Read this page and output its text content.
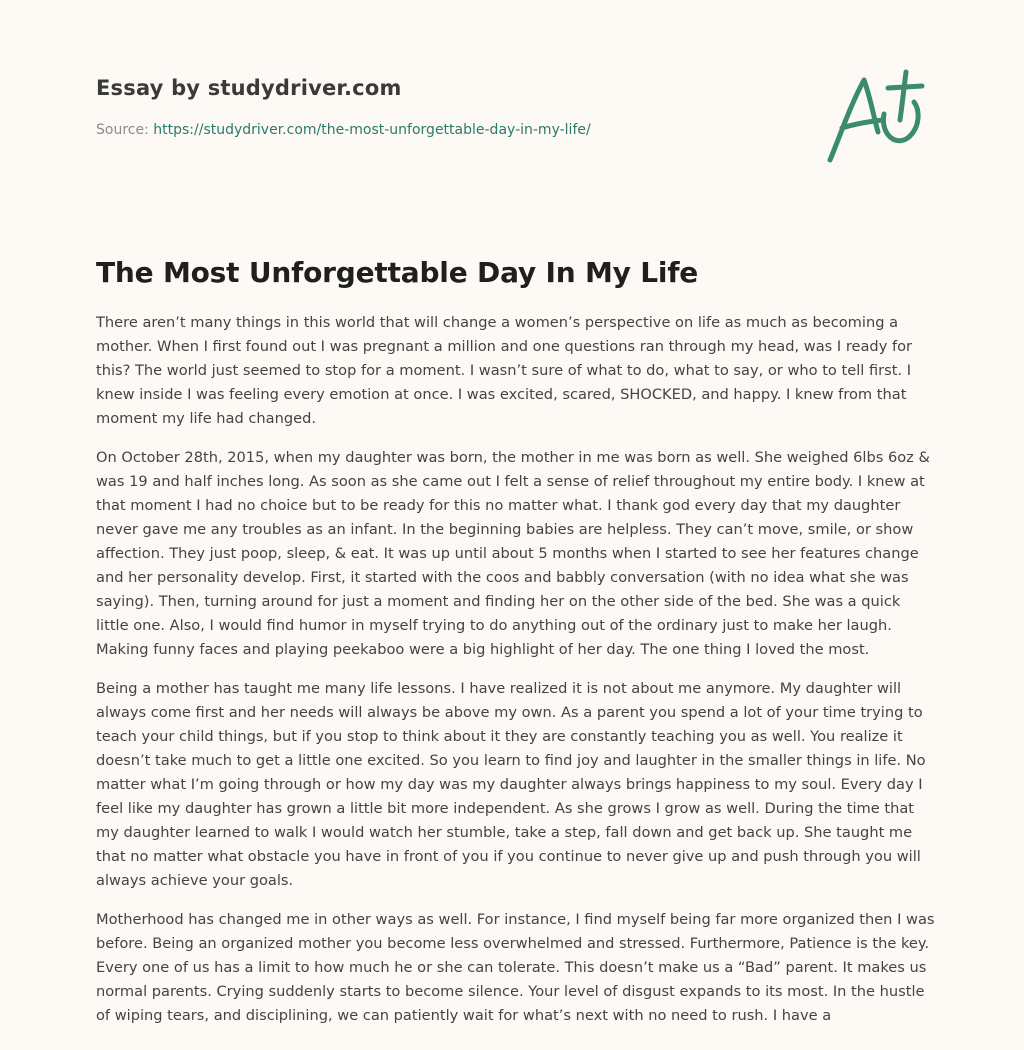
Essay by studydriver.com
Source: https://studydriver.com/the-most-unforgettable-day-in-my-life/
The Most Unforgettable Day In My Life

There aren’t many things in this world that will change a women’s perspective on life as much as becoming a mother. When I first found out I was pregnant a million and one questions ran through my head, was I ready for this? The world just seemed to stop for a moment. I wasn’t sure of what to do, what to say, or who to tell first. I knew inside I was feeling every emotion at once. I was excited, scared, SHOCKED, and happy. I knew from that moment my life had changed.

On October 28th, 2015, when my daughter was born, the mother in me was born as well. She weighed 6lbs 6oz & was 19 and half inches long. As soon as she came out I felt a sense of relief throughout my entire body. I knew at that moment I had no choice but to be ready for this no matter what. I thank god every day that my daughter never gave me any troubles as an infant. In the beginning babies are helpless. They can’t move, smile, or show affection. They just poop, sleep, & eat. It was up until about 5 months when I started to see her features change and her personality develop. First, it started with the coos and babbly conversation (with no idea what she was saying). Then, turning around for just a moment and finding her on the other side of the bed. She was a quick little one. Also, I would find humor in myself trying to do anything out of the ordinary just to make her laugh. Making funny faces and playing peekaboo were a big highlight of her day. The one thing I loved the most.

Being a mother has taught me many life lessons. I have realized it is not about me anymore. My daughter will always come first and her needs will always be above my own. As a parent you spend a lot of your time trying to teach your child things, but if you stop to think about it they are constantly teaching you as well. You realize it doesn’t take much to get a little one excited. So you learn to find joy and laughter in the smaller things in life. No matter what I’m going through or how my day was my daughter always brings happiness to my soul. Every day I feel like my daughter has grown a little bit more independent. As she grows I grow as well. During the time that my daughter learned to walk I would watch her stumble, take a step, fall down and get back up. She taught me that no matter what obstacle you have in front of you if you continue to never give up and push through you will always achieve your goals.

Motherhood has changed me in other ways as well. For instance, I find myself being far more organized then I was before. Being an organized mother you become less overwhelmed and stressed. Furthermore, Patience is the key. Every one of us has a limit to how much he or she can tolerate. This doesn’t make us a “Bad” parent. It makes us normal parents. Crying suddenly starts to become silence. Your level of disgust expands to its most. In the hustle of wiping tears, and disciplining, we can patiently wait for what’s next with no need to rush. I have a
